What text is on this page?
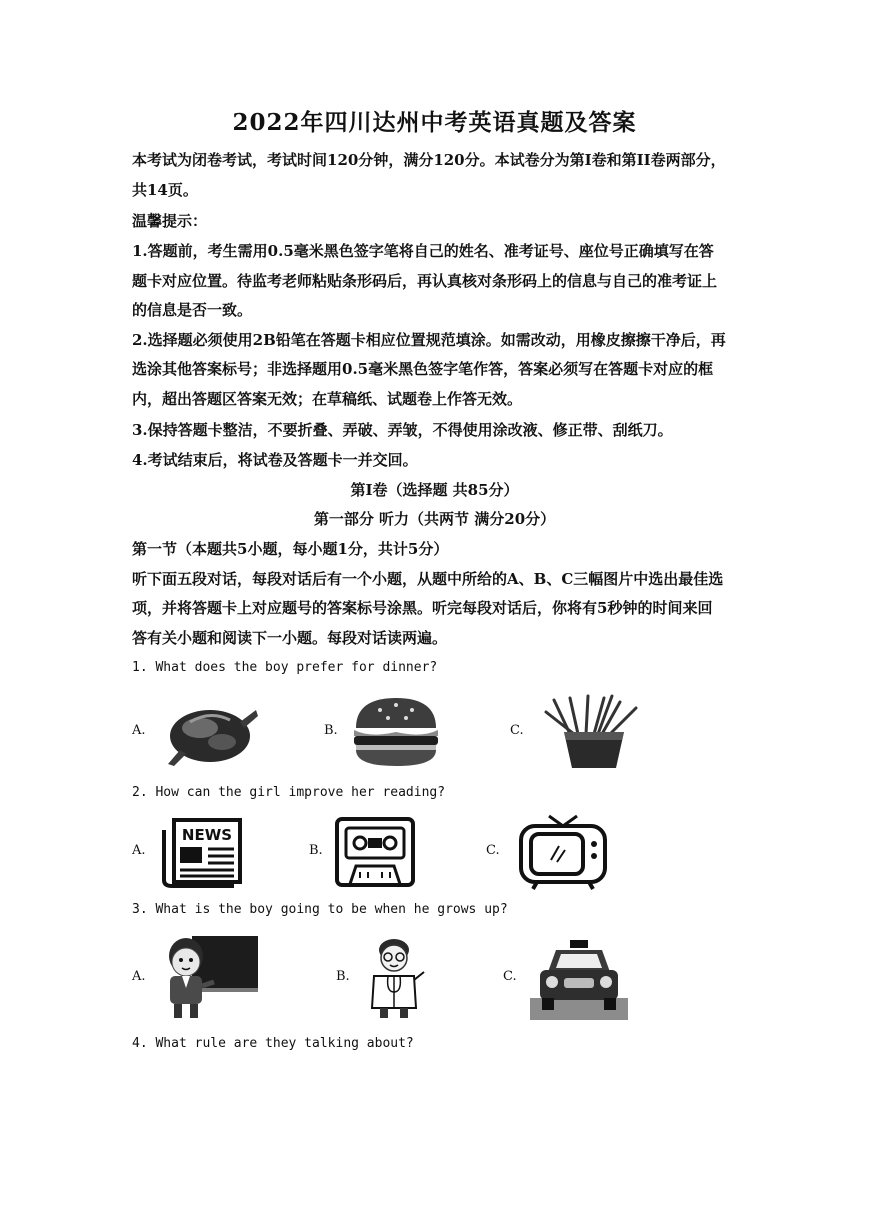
2022年四川达州中考英语真题及答案
本考试为闭卷考试，考试时间120分钟，满分120分。本试卷分为第Ⅰ卷和第II卷两部分，
共14页。
温馨提示：
1.答题前，考生需用0.5毫米黑色签字笔将自己的姓名、准考证号、座位号正确填写在答
题卡对应位置。待监考老师粘贴条形码后，再认真核对条形码上的信息与自己的准考证上
的信息是否一致。
2.选择题必须使用2B铅笔在答题卡相应位置规范填涂。如需改动，用橡皮擦擦干净后，再
选涂其他答案标号；非选择题用0.5毫米黑色签字笔作答，答案必须写在答题卡对应的框
内，超出答题区答案无效；在草稿纸、试题卷上作答无效。
3.保持答题卡整洁，不要折叠、弄破、弄皱，不得使用涂改液、修正带、刮纸刀。
4.考试结束后，将试卷及答题卡一并交回。
第Ⅰ卷（选择题 共85分）
第一部分 听力（共两节 满分20分）
第一节（本题共5小题，每小题1分，共计5分）
听下面五段对话，每段对话后有一个小题，从题中所给的A、B、C三幅图片中选出最佳选
项，并将答题卡上对应题号的答案标号涂黑。听完每段对话后，你将有5秒钟的时间来回
答有关小题和阅读下一小题。每段对话读两遍。
1. What does the boy prefer for dinner?
A.	B.	C.
2. How can the girl improve her reading?
A.
NEWS
B.	C.
3. What is the boy going to be when he grows up?
A.	B.	C.
4. What rule are they talking about?
